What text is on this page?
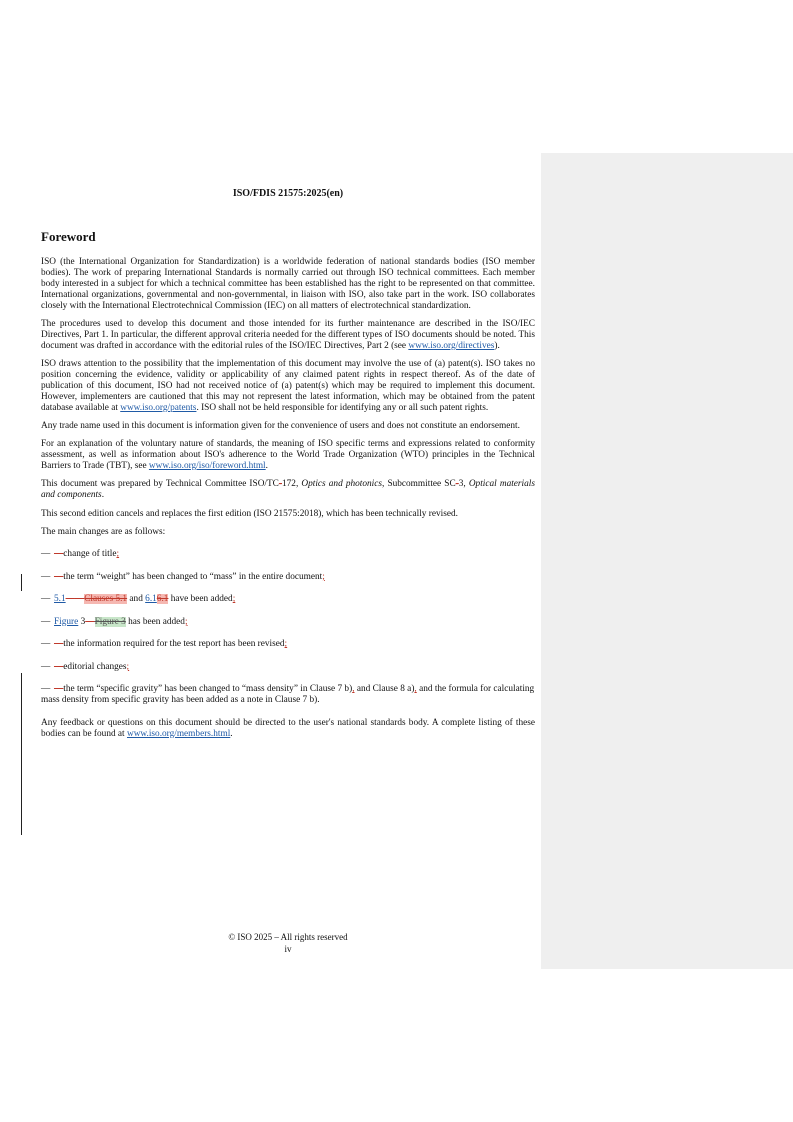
ISO/FDIS 21575:2025(en)
Foreword

ISO (the International Organization for Standardization) is a worldwide federation of national standards bodies (ISO member bodies). The work of preparing International Standards is normally carried out through ISO technical committees. Each member body interested in a subject for which a technical committee has been established has the right to be represented on that committee. International organizations, governmental and non-governmental, in liaison with ISO, also take part in the work. ISO collaborates closely with the International Electrotechnical Commission (IEC) on all matters of electrotechnical standardization.

The procedures used to develop this document and those intended for its further maintenance are described in the ISO/IEC Directives, Part 1. In particular, the different approval criteria needed for the different types of ISO documents should be noted. This document was drafted in accordance with the editorial rules of the ISO/IEC Directives, Part 2 (see www.iso.org/directives).

ISO draws attention to the possibility that the implementation of this document may involve the use of (a) patent(s). ISO takes no position concerning the evidence, validity or applicability of any claimed patent rights in respect thereof. As of the date of publication of this document, ISO had not received notice of (a) patent(s) which may be required to implement this document. However, implementers are cautioned that this may not represent the latest information, which may be obtained from the patent database available at www.iso.org/patents. ISO shall not be held responsible for identifying any or all such patent rights.

Any trade name used in this document is information given for the convenience of users and does not constitute an endorsement.

For an explanation of the voluntary nature of standards, the meaning of ISO specific terms and expressions related to conformity assessment, as well as information about ISO's adherence to the World Trade Organization (WTO) principles in the Technical Barriers to Trade (TBT), see www.iso.org/iso/foreword.html.

This document was prepared by Technical Committee ISO/TC-172, Optics and photonics, Subcommittee SC-3, Optical materials and components.

This second edition cancels and replaces the first edition (ISO 21575:2018), which has been technically revised.

The main changes are as follows:

— —change of title;

— —the term “weight” has been changed to “mass” in the entire document;

— 5.1——Clauses 5.1 and 6.16.1 have been added;

— Figure 3—Figure 3 has been added;

— —the information required for the test report has been revised;

— —editorial changes;

— —the term “specific gravity” has been changed to “mass density” in Clause 7 b), and Clause 8 a), and the formula for calculating mass density from specific gravity has been added as a note in Clause 7 b).

Any feedback or questions on this document should be directed to the user's national standards body. A complete listing of these bodies can be found at www.iso.org/members.html.

© ISO 2025 – All rights reserved
iv
